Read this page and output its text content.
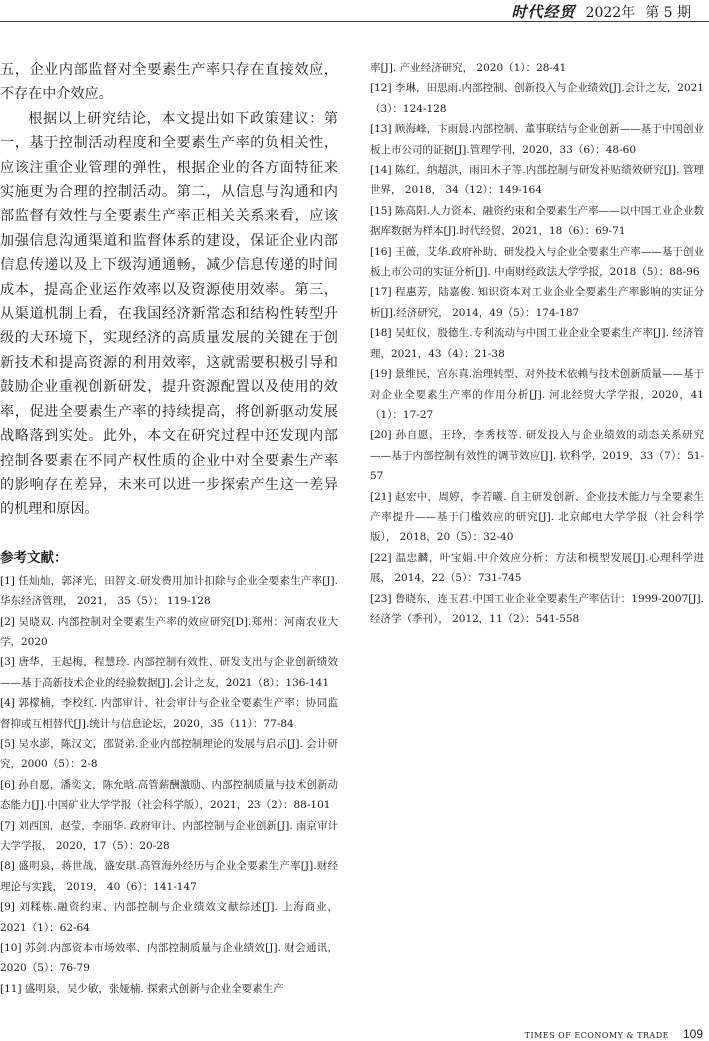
时代经贸 2022年 第 5 期

五，企业内部监督对全要素生产率只存在直接效应，不存在中介效应。

根据以上研究结论，本文提出如下政策建议：第一，基于控制活动程度和全要素生产率的负相关性，应该注重企业管理的弹性，根据企业的各方面特征来实施更为合理的控制活动。第二，从信息与沟通和内部监督有效性与全要素生产率正相关关系来看，应该加强信息沟通渠道和监督体系的建设，保证企业内部信息传递以及上下级沟通通畅，减少信息传递的时间成本，提高企业运作效率以及资源使用效率。第三，从渠道机制上看，在我国经济新常态和结构性转型升级的大环境下，实现经济的高质量发展的关键在于创新技术和提高资源的利用效率，这就需要积极引导和鼓励企业重视创新研发，提升资源配置以及使用的效率，促进全要素生产率的持续提高，将创新驱动发展战略落到实处。此外，本文在研究过程中还发现内部控制各要素在不同产权性质的企业中对全要素生产率的影响存在差异，未来可以进一步探索产生这一差异的机理和原因。

参考文献：

[1] 任灿灿，郭泽光，田智文.研发费用加计扣除与企业全要素生产率[J].华东经济管理， 2021， 35（5）： 119-128

[2] 吴晓双. 内部控制对全要素生产率的效应研究[D].郑州：河南农业大学，2020

[3] 唐华，王起梅，程慧玲. 内部控制有效性、研发支出与企业创新绩效——基于高新技术企业的经验数据[J].会计之友，2021（8）：136-141

[4] 郭檬楠，李校红. 内部审计、社会审计与企业全要素生产率：协同监督抑或互相替代[J].统计与信息论坛，2020，35（11）：77-84

[5] 吴水澎，陈汉文，邵贤弟.企业内部控制理论的发展与启示[J]. 会计研究，2000（5）：2-8

[6] 孙自愿，潘奕文，陈允晗.高管薪酬激励、内部控制质量与技术创新动态能力[J].中国矿业大学学报（社会科学版），2021，23（2）：88-101

[7] 刘西国，赵莹，李丽华. 政府审计、内部控制与企业创新[J]. 南京审计大学学报， 2020，17（5）：20-28

[8] 盛明泉，蒋世战，盛安琪.高管海外经历与企业全要素生产率[J].财经理论与实践， 2019， 40（6）：141-147

[9] 刘糅栋.融资约束、内部控制与企业绩效文献综述[J]. 上海商业，2021（1）：62-64

[10] 苏剑.内部资本市场效率、内部控制质量与企业绩效[J]. 财会通讯，2020（5）：76-79

[11] 盛明泉，吴少敏，张娅楠. 探索式创新与企业全要素生产

率[J]. 产业经济研究， 2020（1）：28-41

[12] 李琳，田思雨.内部控制、创新投入与企业绩效[J].会计之友，2021（3）：124-128

[13] 顾海峰，卞雨晨.内部控制、董事联结与企业创新——基于中国创业板上市公司的证据[J].管理学刊，2020，33（6）：48-60

[14] 陈红，纳超洪，雨田木子等.内部控制与研发补贴绩效研究[J]. 管理世界， 2018， 34（12）：149-164

[15] 陈高阳.人力资本、融资约束和全要素生产率——以中国工业企业数据库数据为样本[J].时代经贸，2021，18（6）：69-71

[16] 王薇，艾华.政府补助、研发投入与企业全要素生产率——基于创业板上市公司的实证分析[J]. 中南财经政法大学学报，2018（5）：88-96

[17] 程惠芳，陆嘉俊. 知识资本对工业企业全要素生产率影响的实证分析[J].经济研究， 2014，49（5）：174-187

[18] 吴虹仪，殷德生.专利流动与中国工业企业全要素生产率[J]. 经济管理，2021，43（4）：21-38

[19] 景维民，宫东真.治理转型、对外技术依赖与技术创新质量——基于对企业全要素生产率的作用分析[J]. 河北经贸大学学报，2020，41（1）：17-27

[20] 孙自愿，王玲，李秀枝等. 研发投入与企业绩效的动态关系研究——基于内部控制有效性的调节效应[J]. 软科学，2019，33（7）：51-57

[21] 赵宏中，周婷，李若曦. 自主研发创新、企业技术能力与全要素生产率提升——基于门槛效应的研究[J]. 北京邮电大学学报（社会科学版）， 2018，20（5）：32-40

[22] 温忠麟，叶宝娟.中介效应分析：方法和模型发展[J].心理科学进展， 2014，22（5）：731-745

[23] 鲁晓东，连玉君.中国工业企业全要素生产率估计：1999-2007[J]. 经济学（季刊）， 2012，11（2）：541-558

TIMES OF ECONOMY & TRADE 109
